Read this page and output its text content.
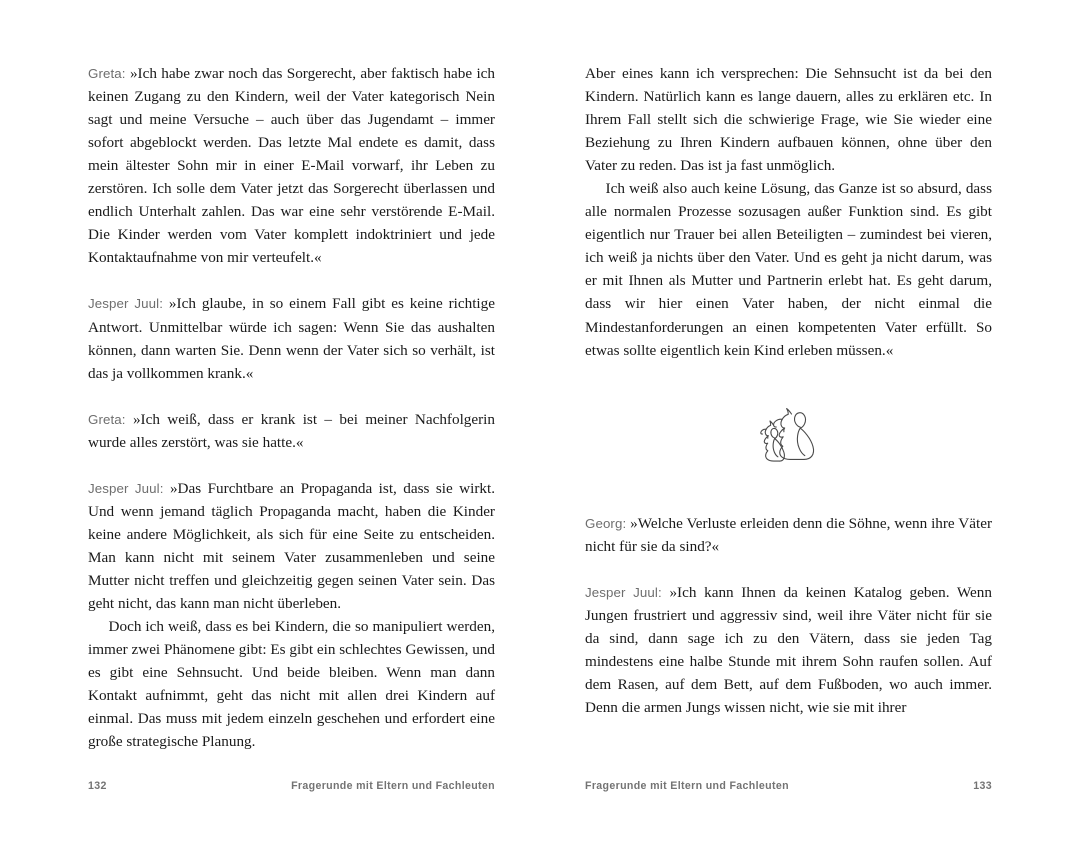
Greta: »Ich habe zwar noch das Sorgerecht, aber faktisch habe ich keinen Zugang zu den Kindern, weil der Vater kategorisch Nein sagt und meine Versuche – auch über das Jugendamt – immer sofort abgeblockt werden. Das letzte Mal endete es damit, dass mein ältester Sohn mir in einer E-Mail vorwarf, ihr Leben zu zerstören. Ich solle dem Vater jetzt das Sorgerecht überlassen und endlich Unterhalt zahlen. Das war eine sehr verstörende E-Mail. Die Kinder werden vom Vater komplett indoktriniert und jede Kontaktaufnahme von mir verteufelt.«

Jesper Juul: »Ich glaube, in so einem Fall gibt es keine richtige Antwort. Unmittelbar würde ich sagen: Wenn Sie das aushalten können, dann warten Sie. Denn wenn der Vater sich so verhält, ist das ja vollkommen krank.«

Greta: »Ich weiß, dass er krank ist – bei meiner Nachfolgerin wurde alles zerstört, was sie hatte.«

Jesper Juul: »Das Furchtbare an Propaganda ist, dass sie wirkt. Und wenn jemand täglich Propaganda macht, haben die Kinder keine andere Möglichkeit, als sich für eine Seite zu entscheiden. Man kann nicht mit seinem Vater zusammenleben und seine Mutter nicht treffen und gleichzeitig gegen seinen Vater sein. Das geht nicht, das kann man nicht überleben.

Doch ich weiß, dass es bei Kindern, die so manipuliert werden, immer zwei Phänomene gibt: Es gibt ein schlechtes Gewissen, und es gibt eine Sehnsucht. Und beide bleiben. Wenn man dann Kontakt aufnimmt, geht das nicht mit allen drei Kindern auf einmal. Das muss mit jedem einzeln geschehen und erfordert eine große strategische Planung.

132	Fragerunde mit Eltern und Fachleuten

Aber eines kann ich versprechen: Die Sehnsucht ist da bei den Kindern. Natürlich kann es lange dauern, alles zu erklären etc. In Ihrem Fall stellt sich die schwierige Frage, wie Sie wieder eine Beziehung zu Ihren Kindern aufbauen können, ohne über den Vater zu reden. Das ist ja fast unmöglich.

Ich weiß also auch keine Lösung, das Ganze ist so absurd, dass alle normalen Prozesse sozusagen außer Funktion sind. Es gibt eigentlich nur Trauer bei allen Beteiligten – zumindest bei vieren, ich weiß ja nichts über den Vater. Und es geht ja nicht darum, was er mit Ihnen als Mutter und Partnerin erlebt hat. Es geht darum, dass wir hier einen Vater haben, der nicht einmal die Mindestanforderungen an einen kompetenten Vater erfüllt. So etwas sollte eigentlich kein Kind erleben müssen.«

Georg: »Welche Verluste erleiden denn die Söhne, wenn ihre Väter nicht für sie da sind?«

Jesper Juul: »Ich kann Ihnen da keinen Katalog geben. Wenn Jungen frustriert und aggressiv sind, weil ihre Väter nicht für sie da sind, dann sage ich zu den Vätern, dass sie jeden Tag mindestens eine halbe Stunde mit ihrem Sohn raufen sollen. Auf dem Rasen, auf dem Bett, auf dem Fußboden, wo auch immer. Denn die armen Jungs wissen nicht, wie sie mit ihrer

Fragerunde mit Eltern und Fachleuten	133
